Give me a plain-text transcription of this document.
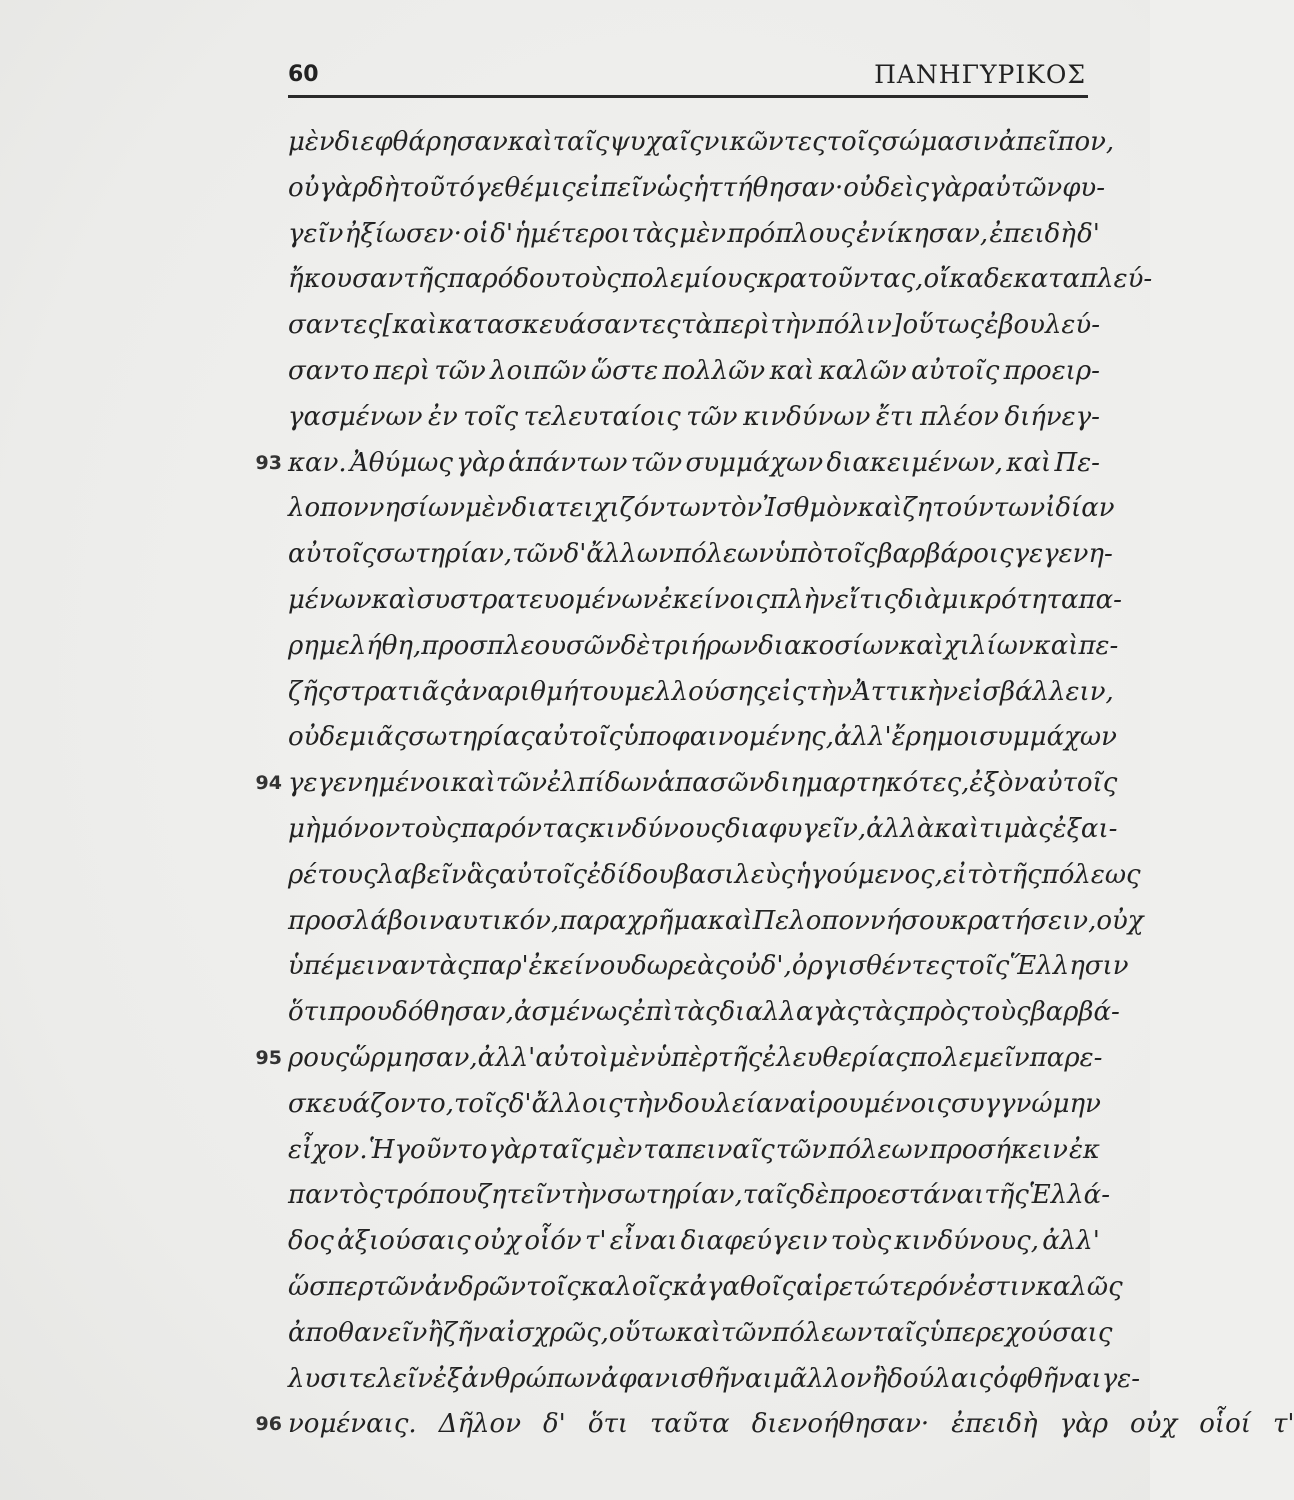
60	ΠΑΝΗΓΥΡΙΚΟΣ
μὲν διεφθάρησαν καὶ ταῖς ψυχαῖς νικῶντες τοῖς σώμασιν ἀπεῖπον,
οὐ γὰρ δὴ τοῦτό γε θέμις εἰπεῖν ὡς ἡττήθησαν· οὐδεὶς γὰρ αὐτῶν φυ-
γεῖν ἠξίωσεν· οἱ δ' ἡμέτεροι τὰς μὲν πρόπλους ἐνίκησαν, ἐπειδὴ δ'
ἤκουσαν τῆς παρόδου τοὺς πολεμίους κρατοῦντας, οἴκαδε καταπλεύ-
σαντες [καὶ κατασκευάσαντες τὰ περὶ τὴν πόλιν] οὕτως ἐβουλεύ-
σαντο περὶ τῶν λοιπῶν ὥστε πολλῶν καὶ καλῶν αὐτοῖς προειρ-
γασμένων ἐν τοῖς τελευταίοις τῶν κινδύνων ἔτι πλέον διήνεγ-
93 καν. Ἀθύμως γὰρ ἁπάντων τῶν συμμάχων διακειμένων, καὶ Πε-
λοποννησίων μὲν διατειχιζόντων τὸν Ἰσθμὸν καὶ ζητούντων ἰδίαν
αὐτοῖς σωτηρίαν, τῶν δ' ἄλλων πόλεων ὑπὸ τοῖς βαρβάροις γεγενη-
μένων καὶ συστρατευομένων ἐκείνοις πλὴν εἴ τις διὰ μικρότητα πα-
ρημελήθη, προσπλεουσῶν δὲ τριήρων διακοσίων καὶ χιλίων καὶ πε-
ζῆς στρατιᾶς ἀναριθμήτου μελλούσης εἰς τὴν Ἀττικὴν εἰσβάλλειν,
οὐδεμιᾶς σωτηρίας αὐτοῖς ὑποφαινομένης, ἀλλ' ἔρημοι συμμάχων
94 γεγενημένοι καὶ τῶν ἐλπίδων ἁπασῶν διημαρτηκότες, ἐξὸν αὐτοῖς
μὴ μόνον τοὺς παρόντας κινδύνους διαφυγεῖν, ἀλλὰ καὶ τιμὰς ἐξαι-
ρέτους λαβεῖν ἃς αὐτοῖς ἐδίδου βασιλεὺς ἡγούμενος, εἰ τὸ τῆς πόλεως
προσλάβοι ναυτικόν, παραχρῆμα καὶ Πελοποννήσου κρατήσειν, οὐχ
ὑπέμειναν τὰς παρ' ἐκείνου δωρεὰς οὐδ', ὀργισθέντες τοῖς Ἕλλησιν
ὅτι προυδόθησαν, ἀσμένως ἐπὶ τὰς διαλλαγὰς τὰς πρὸς τοὺς βαρβά-
95 ρους ὥρμησαν, ἀλλ' αὐτοὶ μὲν ὑπὲρ τῆς ἐλευθερίας πολεμεῖν παρε-
σκευάζοντο, τοῖς δ' ἄλλοις τὴν δουλείαν αἱρουμένοις συγγνώμην
εἶχον. Ἡγοῦντο γὰρ ταῖς μὲν ταπειναῖς τῶν πόλεων προσήκειν ἐκ
παντὸς τρόπου ζητεῖν τὴν σωτηρίαν, ταῖς δὲ προεστάναι τῆς Ἑλλά-
δος ἀξιούσαις οὐχ οἷόν τ' εἶναι διαφεύγειν τοὺς κινδύνους, ἀλλ'
ὥσπερ τῶν ἀνδρῶν τοῖς καλοῖς κἀγαθοῖς αἱρετώτερόν ἐστιν καλῶς
ἀποθανεῖν ἢ ζῆν αἰσχρῶς, οὕτω καὶ τῶν πόλεων ταῖς ὑπερεχούσαις
λυσιτελεῖν ἐξ ἀνθρώπων ἀφανισθῆναι μᾶλλον ἢ δούλαις ὀφθῆναι γε-
96 νομέναις. Δῆλον δ' ὅτι ταῦτα διενοήθησαν· ἐπειδὴ γὰρ οὐχ οἷοί τ'
